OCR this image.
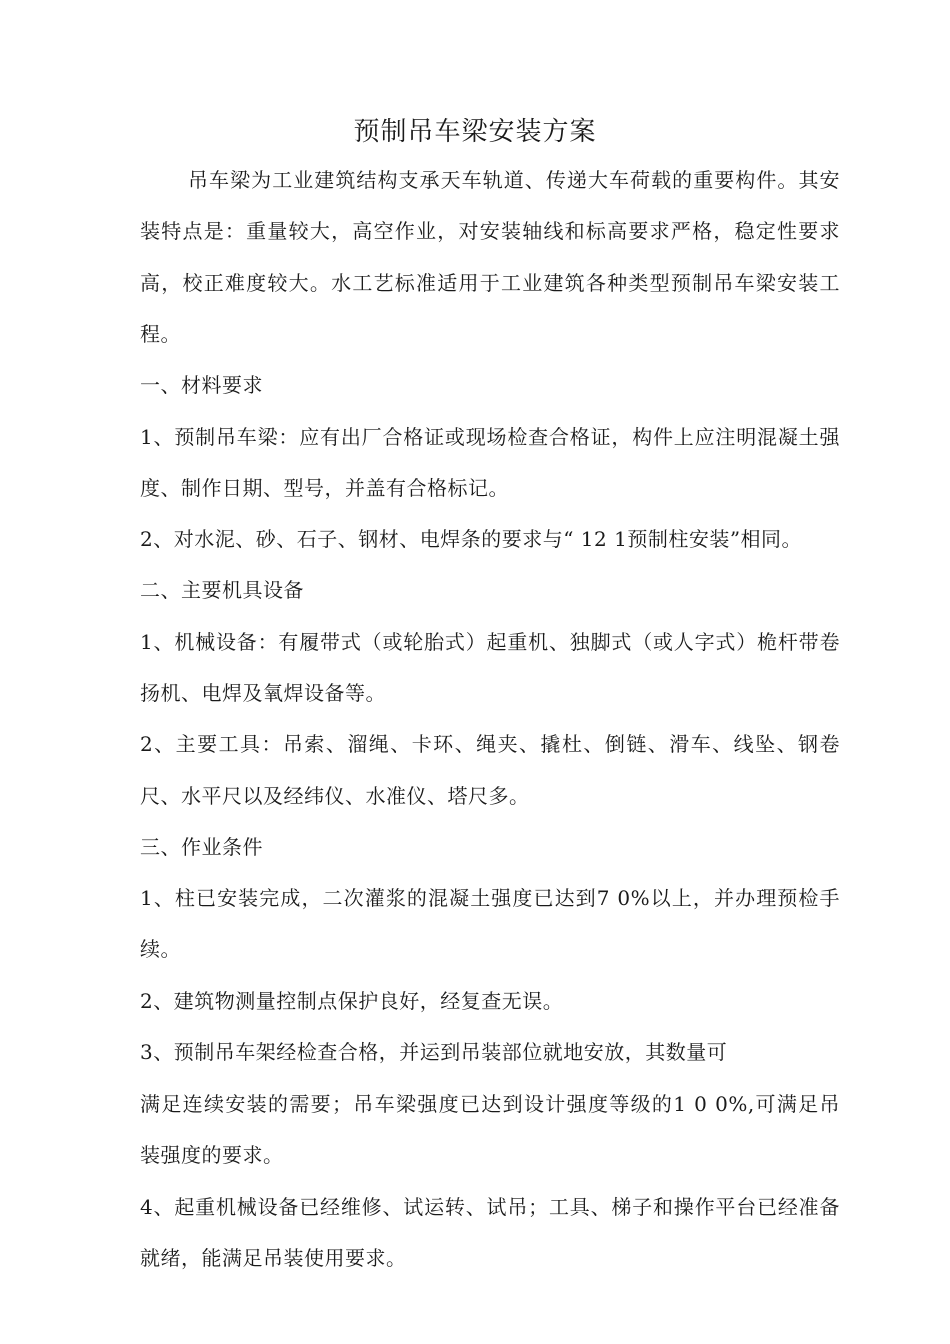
预制吊车梁安装方案
吊车梁为工业建筑结构支承天车轨道、传递大车荷载的重要构件。其安
装特点是：重量较大，高空作业，对安装轴线和标高要求严格，稳定性要求
高，校正难度较大。水工艺标准适用于工业建筑各种类型预制吊车梁安装工
程。
一、材料要求
1、预制吊车梁：应有出厂合格证或现场检查合格证，构件上应注明混凝土强
度、制作日期、型号，并盖有合格标记。
2、对水泥、砂、石子、钢材、电焊条的要求与“ 12 1预制柱安装”相同。
二、主要机具设备
1、机械设备：有履带式（或轮胎式）起重机、独脚式（或人字式）桅杆带卷
扬机、电焊及氧焊设备等。
2、主要工具：吊索、溜绳、卡环、绳夹、撬杜、倒链、滑车、线坠、钢卷
尺、水平尺以及经纬仪、水准仪、塔尺多。
三、作业条件
1、柱已安装完成，二次灌浆的混凝土强度已达到7 0%以上，并办理预检手
续。
2、建筑物测量控制点保护良好，经复查无误。
3、预制吊车架经检查合格，并运到吊装部位就地安放，其数量可
满足连续安装的需要；吊车梁强度已达到设计强度等级的1 0 0%,可满足吊
装强度的要求。
4、起重机械设备已经维修、试运转、试吊；工具、梯子和操作平台已经准备
就绪，能满足吊装使用要求。
